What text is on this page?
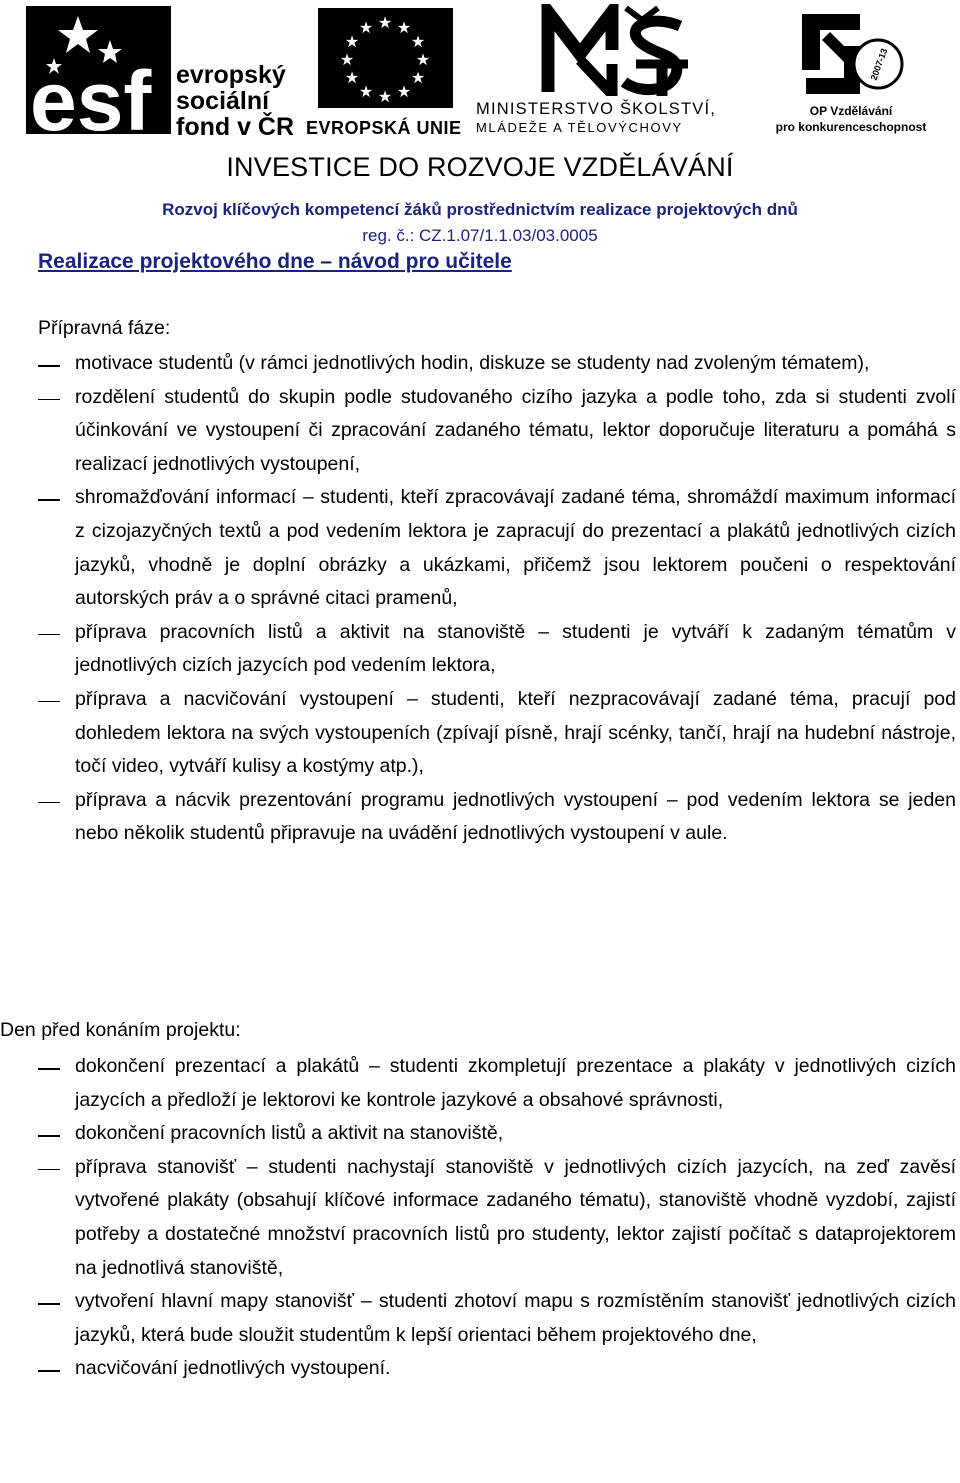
esf evropský
sociální
fond v ČR
★ ★
★
★
★
★
★
★
★
★
★
★
EVROPSKÁ UNIE
MINISTERSTVO ŠKOLSTVÍ,
MLÁDEŽE A TĚLOVÝCHOVY
2007-13
OP Vzdělávání
pro konkurenceschopnost
INVESTICE DO ROZVOJE VZDĚLÁVÁNÍ
Rozvoj klíčových kompetencí žáků prostřednictvím realizace projektových dnů
reg. č.: CZ.1.07/1.1.03/03.0005
Realizace projektového dne – návod pro učitele
Přípravná fáze:
motivace studentů (v rámci jednotlivých hodin, diskuze se studenty nad zvoleným tématem),
rozdělení studentů do skupin podle studovaného cizího jazyka a podle toho, zda si studenti zvolí účinkování ve vystoupení či zpracování zadaného tématu, lektor doporučuje literaturu a pomáhá s realizací jednotlivých vystoupení,
shromažďování informací – studenti, kteří zpracovávají zadané téma, shromáždí maximum informací z cizojazyčných textů a pod vedením lektora je zapracují do prezentací a plakátů jednotlivých cizích jazyků, vhodně je doplní obrázky a ukázkami, přičemž jsou lektorem poučeni o respektování autorských práv a o správné citaci pramenů,
příprava pracovních listů a aktivit na stanoviště – studenti je vytváří k zadaným tématům v jednotlivých cizích jazycích pod vedením lektora,
příprava a nacvičování vystoupení – studenti, kteří nezpracovávají zadané téma, pracují pod dohledem lektora na svých vystoupeních (zpívají písně, hrají scénky, tančí, hrají na hudební nástroje, točí video, vytváří kulisy a kostýmy atp.),
příprava a nácvik prezentování programu jednotlivých vystoupení – pod vedením lektora se jeden nebo několik studentů připravuje na uvádění jednotlivých vystoupení v aule.
Den před konáním projektu:
dokončení prezentací a plakátů – studenti zkompletují prezentace a plakáty v jednotlivých cizích jazycích a předloží je lektorovi ke kontrole jazykové a obsahové správnosti,
dokončení pracovních listů a aktivit na stanoviště,
příprava stanovišť – studenti nachystají stanoviště v jednotlivých cizích jazycích, na zeď zavěsí vytvořené plakáty (obsahují klíčové informace zadaného tématu), stanoviště vhodně vyzdobí, zajistí potřeby a dostatečné množství pracovních listů pro studenty, lektor zajistí počítač s dataprojektorem na jednotlivá stanoviště,
vytvoření hlavní mapy stanovišť – studenti zhotoví mapu s rozmístěním stanovišť jednotlivých cizích jazyků, která bude sloužit studentům k lepší orientaci během projektového dne,
nacvičování jednotlivých vystoupení.
